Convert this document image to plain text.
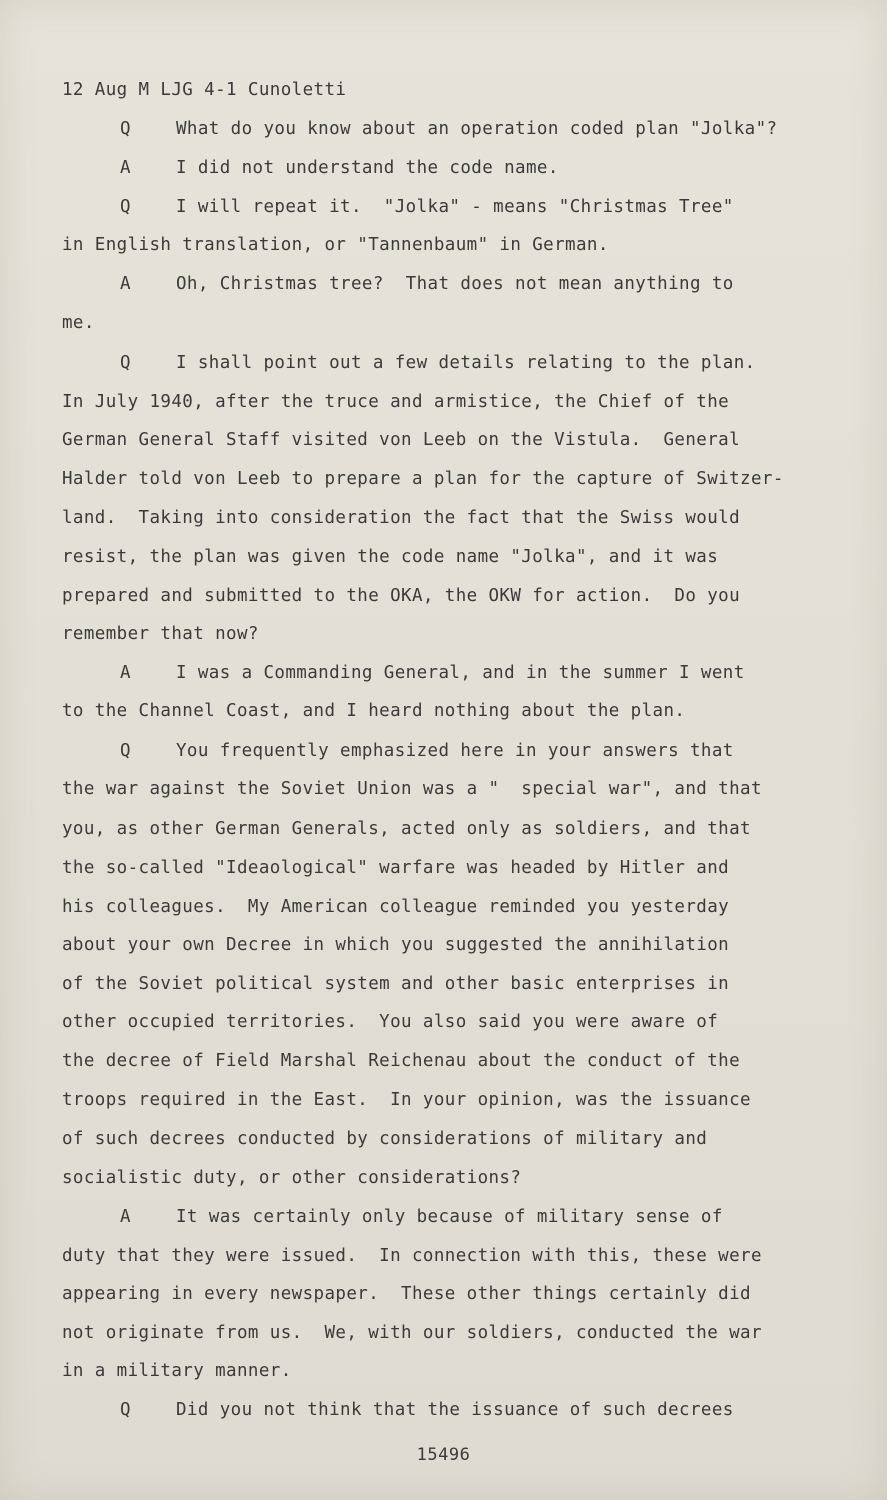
12 Aug M LJG 4-1 Cunoletti
Q	What do you know about an operation coded plan "Jolka"?
A	I did not understand the code name.
Q	I will repeat it.  "Jolka" - means "Christmas Tree"
in English translation, or "Tannenbaum" in German.
A	Oh, Christmas tree?  That does not mean anything to
me.
Q	I shall point out a few details relating to the plan.
In July 1940, after the truce and armistice, the Chief of the
German General Staff visited von Leeb on the Vistula.  General
Halder told von Leeb to prepare a plan for the capture of Switzer-
land.  Taking into consideration the fact that the Swiss would
resist, the plan was given the code name "Jolka", and it was
prepared and submitted to the OKA, the OKW for action.  Do you
remember that now?
A	I was a Commanding General, and in the summer I went
to the Channel Coast, and I heard nothing about the plan.
Q	You frequently emphasized here in your answers that
the war against the Soviet Union was a "  special war", and that
you, as other German Generals, acted only as soldiers, and that
the so-called "Ideaological" warfare was headed by Hitler and
his colleagues.  My American colleague reminded you yesterday
about your own Decree in which you suggested the annihilation
of the Soviet political system and other basic enterprises in
other occupied territories.  You also said you were aware of
the decree of Field Marshal Reichenau about the conduct of the
troops required in the East.  In your opinion, was the issuance
of such decrees conducted by considerations of military and
socialistic duty, or other considerations?
A	It was certainly only because of military sense of
duty that they were issued.  In connection with this, these were
appearing in every newspaper.  These other things certainly did
not originate from us.  We, with our soldiers, conducted the war
in a military manner.
Q	Did you not think that the issuance of such decrees
15496
